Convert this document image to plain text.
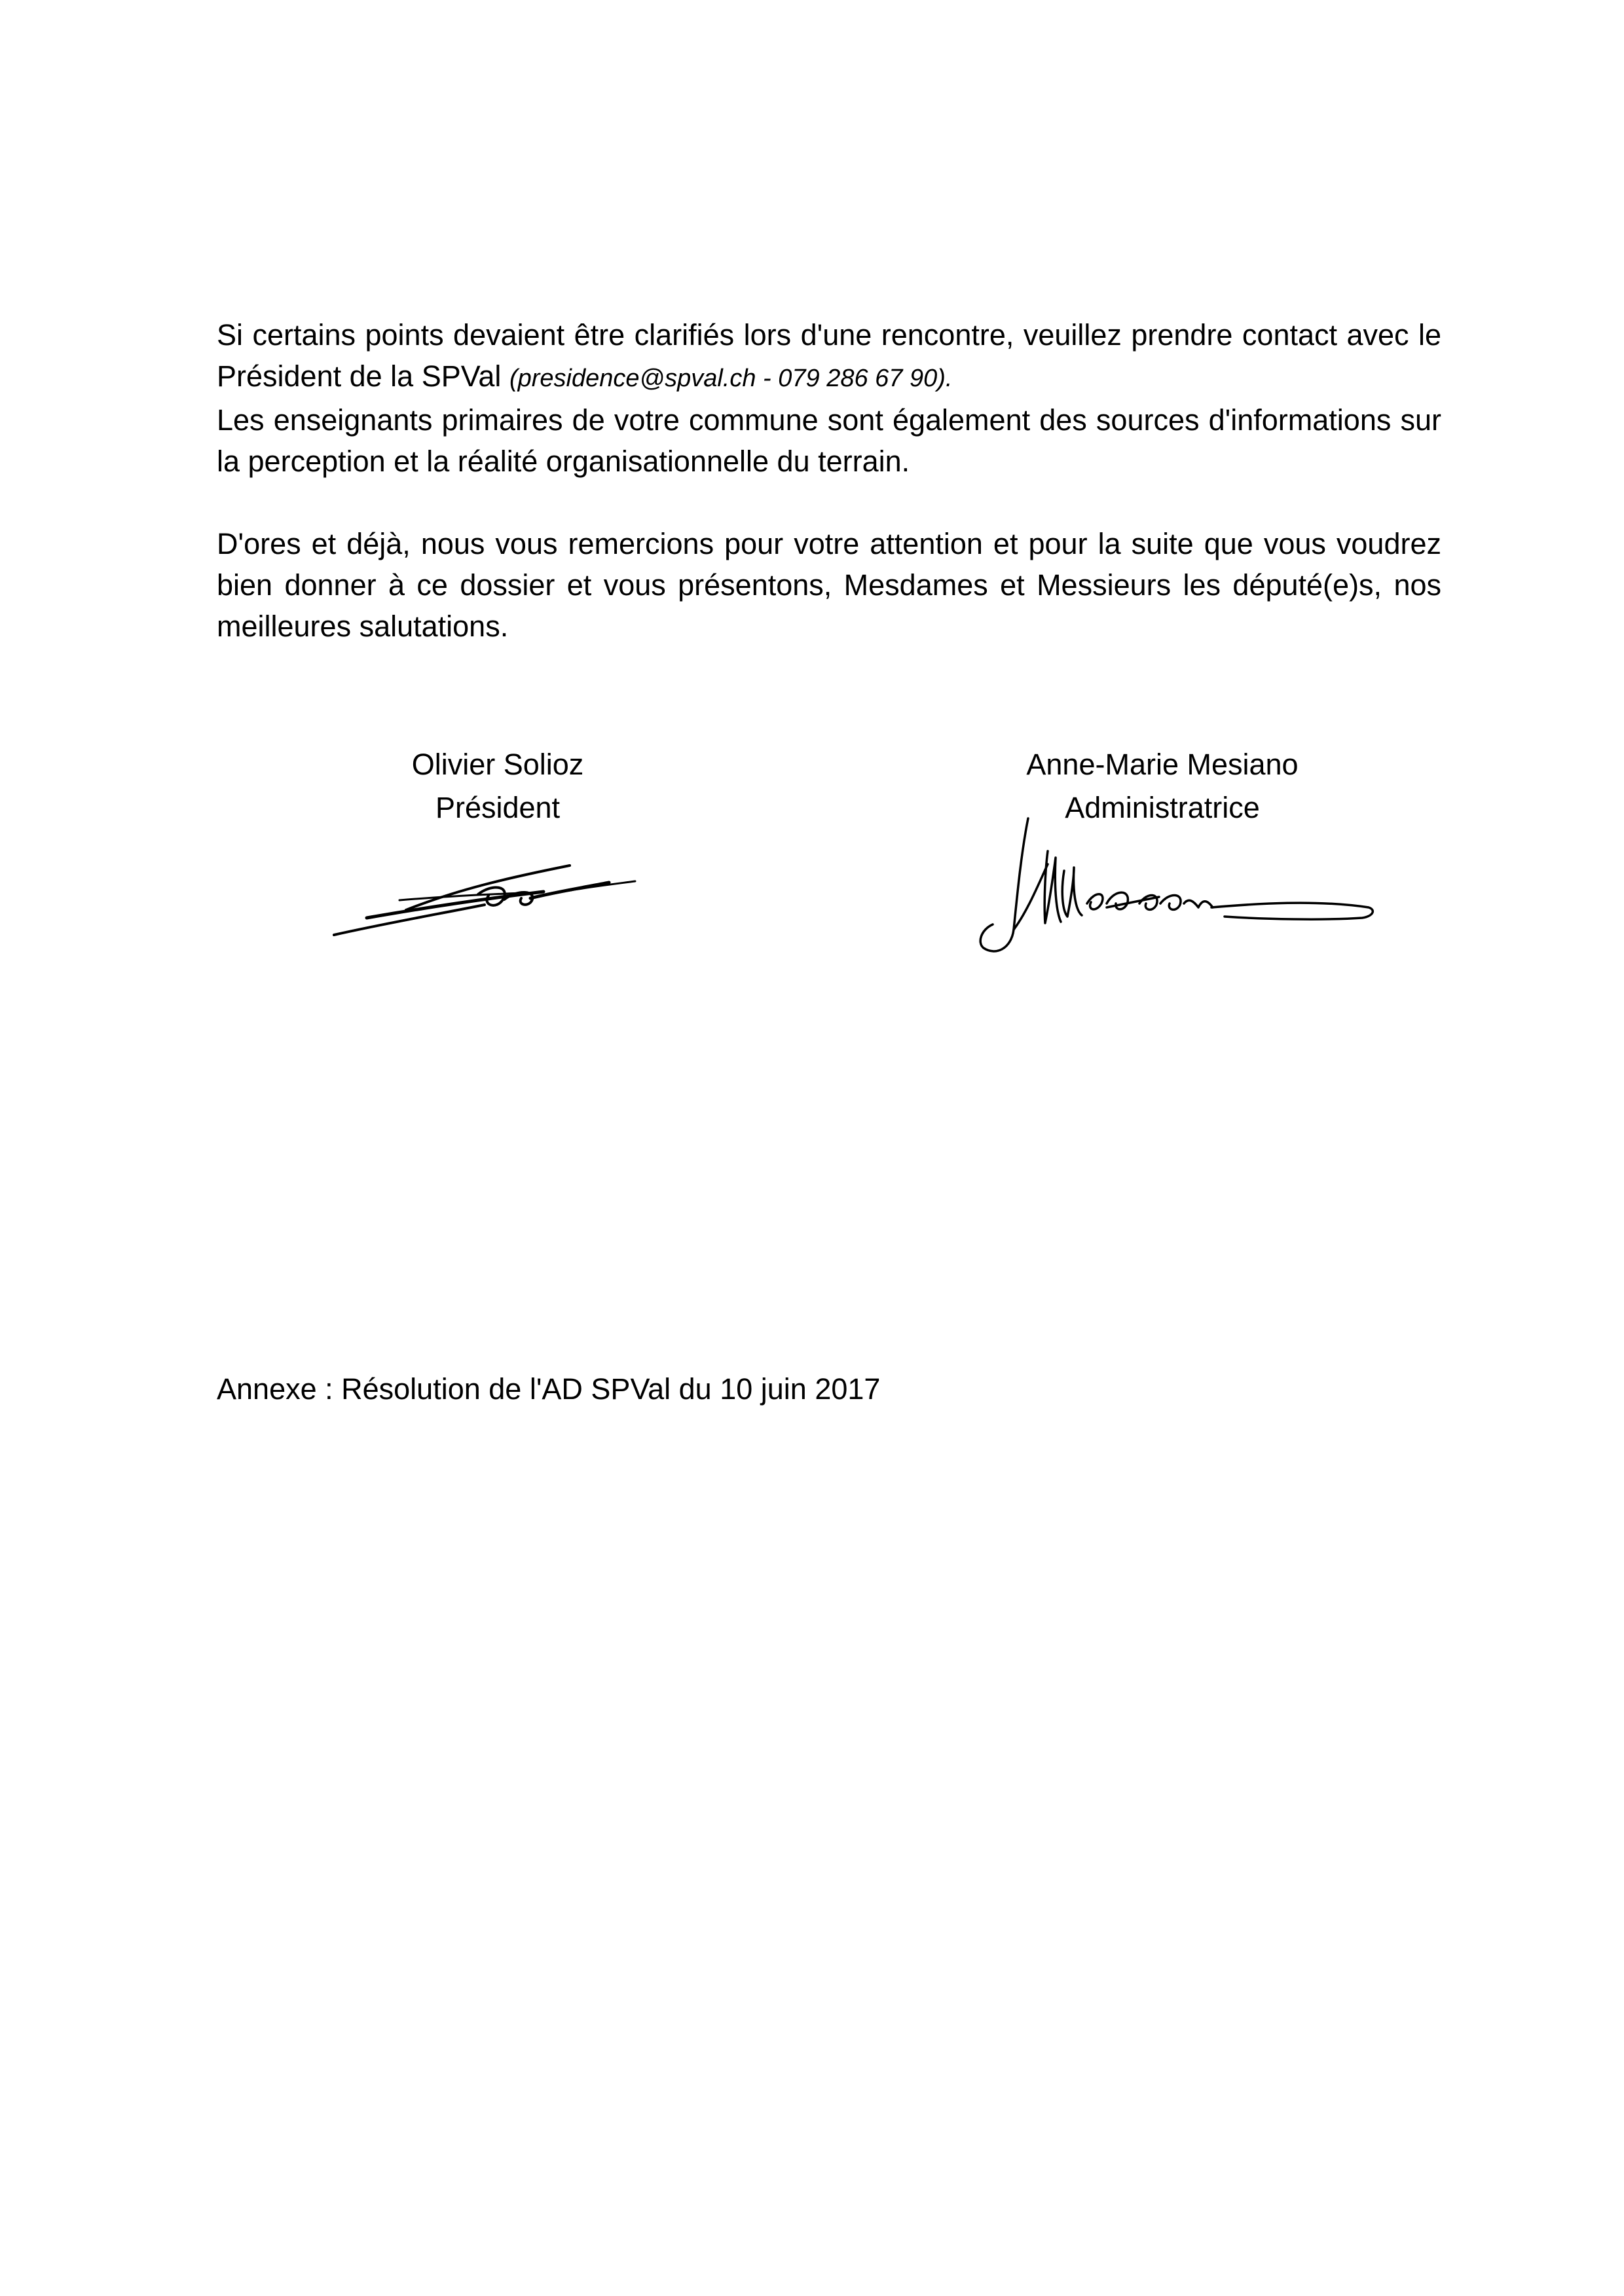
Si certains points devaient être clarifiés lors d'une rencontre, veuillez prendre contact avec le Président de la SPVal (presidence@spval.ch - 079 286 67 90).
Les enseignants primaires de votre commune sont également des sources d'informations sur la perception et la réalité organisationnelle du terrain.

D'ores et déjà, nous vous remercions pour votre attention et pour la suite que vous voudrez bien donner à ce dossier et vous présentons, Mesdames et Messieurs les député(e)s, nos meilleures salutations.

Olivier Solioz
Président
Anne-Marie Mesiano
Administratrice
Annexe : Résolution de l'AD SPVal du 10 juin 2017
